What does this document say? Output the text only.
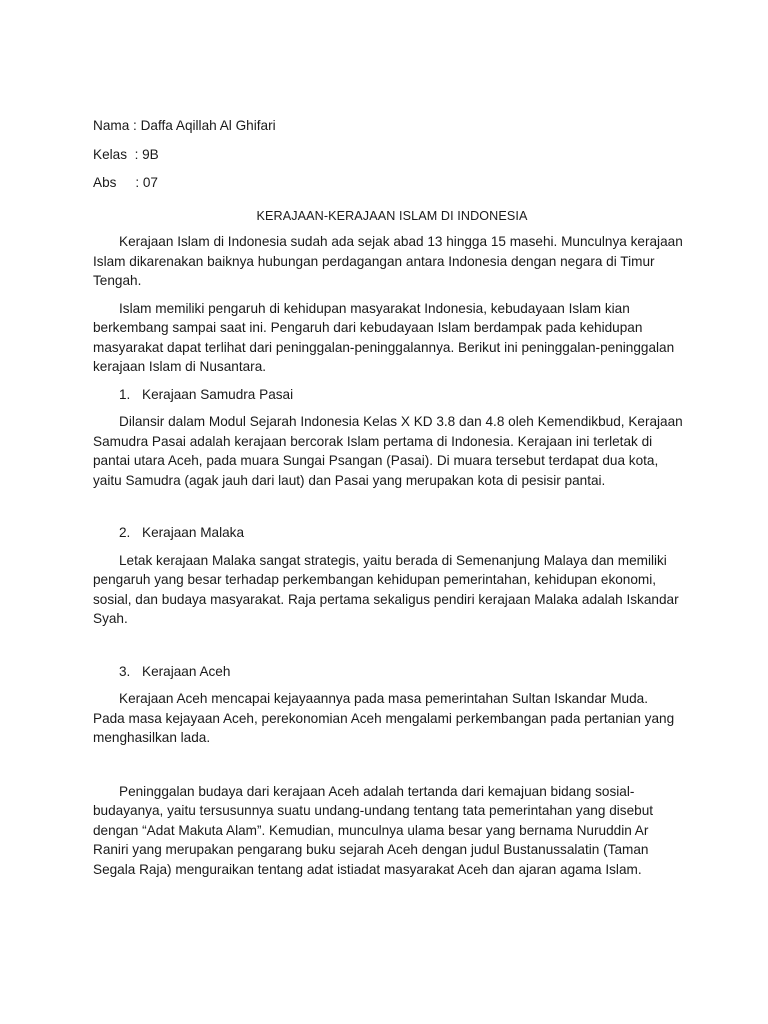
Nama : Daffa Aqillah Al Ghifari
Kelas  : 9B
Abs     : 07
KERAJAAN-KERAJAAN ISLAM DI INDONESIA

Kerajaan Islam di Indonesia sudah ada sejak abad 13 hingga 15 masehi. Munculnya kerajaan Islam dikarenakan baiknya hubungan perdagangan antara Indonesia dengan negara di Timur Tengah.

Islam memiliki pengaruh di kehidupan masyarakat Indonesia, kebudayaan Islam kian berkembang sampai saat ini. Pengaruh dari kebudayaan Islam berdampak pada kehidupan masyarakat dapat terlihat dari peninggalan-peninggalannya. Berikut ini peninggalan-peninggalan kerajaan Islam di Nusantara.

1. Kerajaan Samudra Pasai

Dilansir dalam Modul Sejarah Indonesia Kelas X KD 3.8 dan 4.8 oleh Kemendikbud, Kerajaan Samudra Pasai adalah kerajaan bercorak Islam pertama di Indonesia. Kerajaan ini terletak di pantai utara Aceh, pada muara Sungai Psangan (Pasai). Di muara tersebut terdapat dua kota, yaitu Samudra (agak jauh dari laut) dan Pasai yang merupakan kota di pesisir pantai.

2. Kerajaan Malaka

Letak kerajaan Malaka sangat strategis, yaitu berada di Semenanjung Malaya dan memiliki pengaruh yang besar terhadap perkembangan kehidupan pemerintahan, kehidupan ekonomi, sosial, dan budaya masyarakat. Raja pertama sekaligus pendiri kerajaan Malaka adalah Iskandar Syah.

3. Kerajaan Aceh

Kerajaan Aceh mencapai kejayaannya pada masa pemerintahan Sultan Iskandar Muda. Pada masa kejayaan Aceh, perekonomian Aceh mengalami perkembangan pada pertanian yang menghasilkan lada.

Peninggalan budaya dari kerajaan Aceh adalah tertanda dari kemajuan bidang sosial-budayanya, yaitu tersusunnya suatu undang-undang tentang tata pemerintahan yang disebut dengan “Adat Makuta Alam”. Kemudian, munculnya ulama besar yang bernama Nuruddin Ar Raniri yang merupakan pengarang buku sejarah Aceh dengan judul Bustanussalatin (Taman Segala Raja) menguraikan tentang adat istiadat masyarakat Aceh dan ajaran agama Islam.
